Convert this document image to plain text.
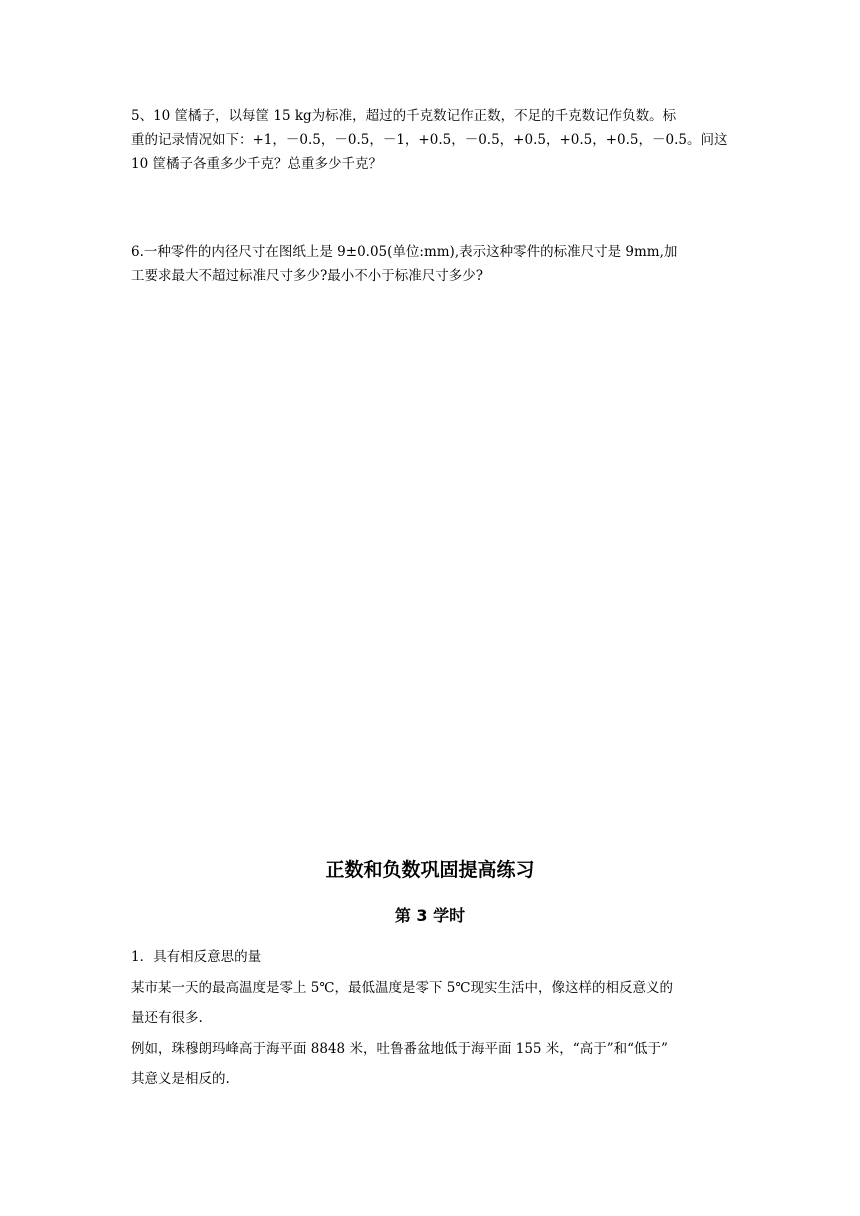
5、10 筐橘子，以每筐 15 kg为标准，超过的千克数记作正数，不足的千克数记作负数。标

重的记录情况如下：+1，－0.5，－0.5，－1，+0.5，－0.5，+0.5，+0.5，+0.5，－0.5。问这

10 筐橘子各重多少千克？总重多少千克？

6.一种零件的内径尺寸在图纸上是 9±0.05(单位:mm),表示这种零件的标准尺寸是 9mm,加

工要求最大不超过标准尺寸多少?最小不小于标准尺寸多少?

正数和负数巩固提高练习
第 3 学时

1．具有相反意思的量

某市某一天的最高温度是零上 5℃，最低温度是零下 5℃现实生活中，像这样的相反意义的

量还有很多.

例如，珠穆朗玛峰高于海平面 8848 米，吐鲁番盆地低于海平面 155 米，“高于”和“低于”

其意义是相反的.
